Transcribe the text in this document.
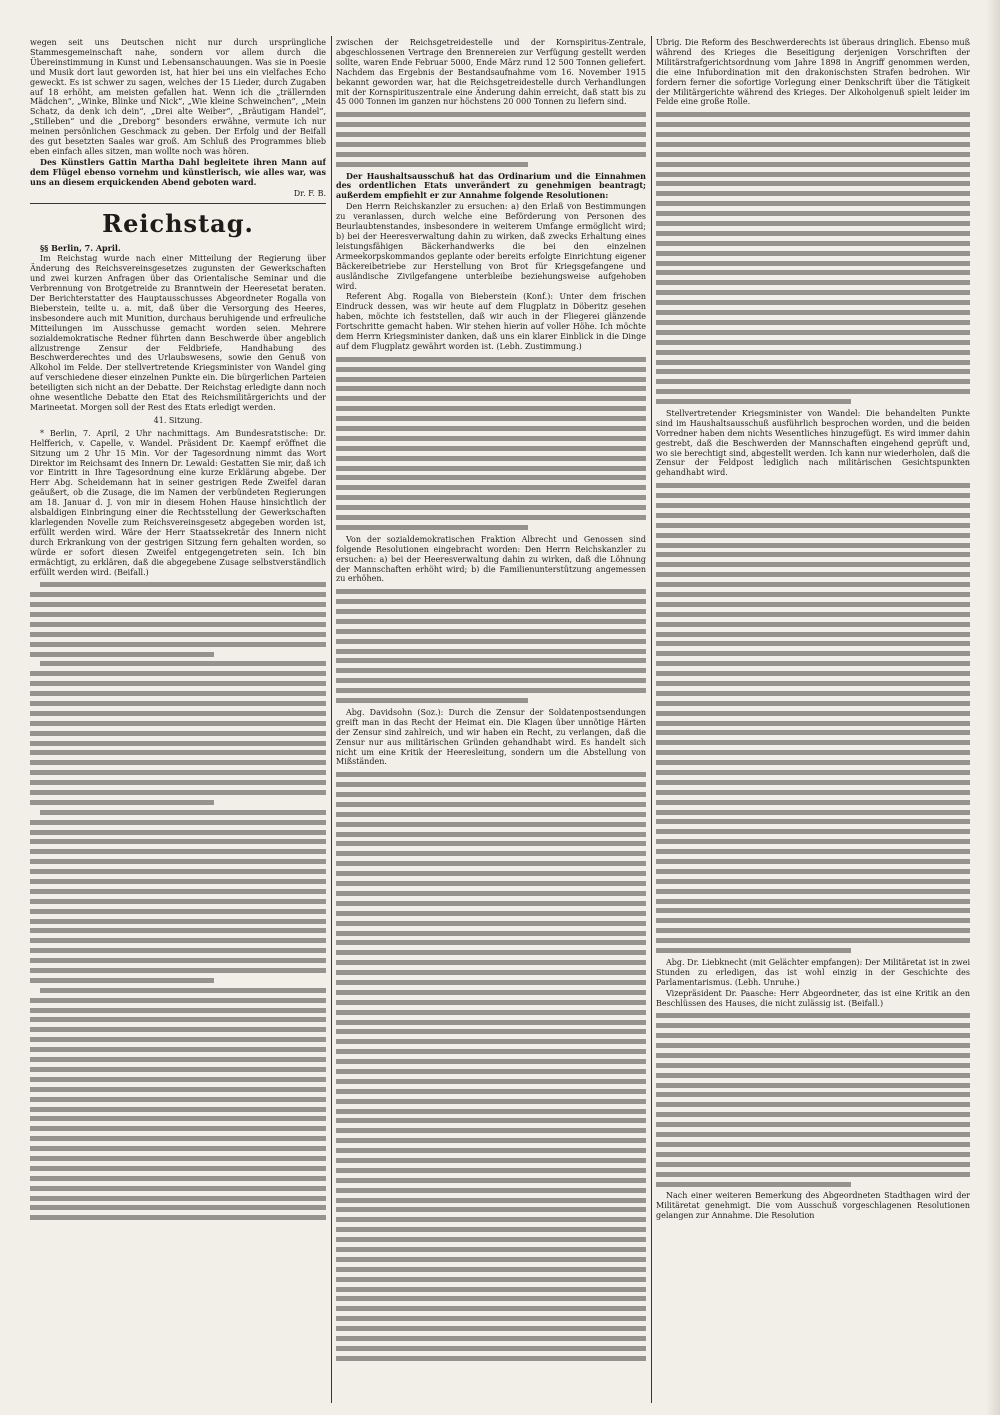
wegen seit uns Deutschen nicht nur durch ursprüngliche Stammesgemeinschaft nahe, sondern vor allem durch die Übereinstimmung in Kunst und Lebensanschauungen. Was sie in Poesie und Musik dort laut geworden ist, hat hier bei uns ein vielfaches Echo geweckt. Es ist schwer zu sagen, welches der 15 Lieder, durch Zugaben auf 18 erhöht, am meisten gefallen hat. Wenn ich die „trällernden Mädchen“, „Winke, Blinke und Nick“, „Wie kleine Schweinchen“, „Mein Schatz, da denk ich dein“, „Drei alte Weiber“, „Bräutigam Handel“, „Stilleben“ und die „Dreborg“ besonders erwähne, vermute ich nur meinen persönlichen Geschmack zu geben. Der Erfolg und der Beifall des gut besetzten Saales war groß. Am Schluß des Programmes blieb eben einfach alles sitzen, man wollte noch was hören.

Des Künstlers Gattin Martha Dahl begleitete ihren Mann auf dem Flügel ebenso vornehm und künstlerisch, wie alles war, was uns an diesem erquickenden Abend geboten ward.

Dr. F. B.
Reichstag.

§§ Berlin, 7. April.

Im Reichstag wurde nach einer Mitteilung der Regierung über Änderung des Reichsvereinsgesetzes zugunsten der Gewerkschaften und zwei kurzen Anfragen über das Orientalische Seminar und die Verbrennung von Brotgetreide zu Branntwein der Heeresetat beraten. Der Berichterstatter des Hauptausschusses Abgeordneter Rogalla von Bieberstein, teilte u. a. mit, daß über die Versorgung des Heeres, insbesondere auch mit Munition, durchaus beruhigende und erfreuliche Mitteilungen im Ausschusse gemacht worden seien. Mehrere sozialdemokratische Redner führten dann Beschwerde über angeblich allzustrenge Zensur der Feldbriefe, Handhabung des Beschwerderechtes und des Urlaubswesens, sowie den Genuß von Alkohol im Felde. Der stellvertretende Kriegsminister von Wandel ging auf verschiedene dieser einzelnen Punkte ein. Die bürgerlichen Parteien beteiligten sich nicht an der Debatte. Der Reichstag erledigte dann noch ohne wesentliche Debatte den Etat des Reichsmilitärgerichts und der Marineetat. Morgen soll der Rest des Etats erledigt werden.

41. Sitzung.

* Berlin, 7. April, 2 Uhr nachmittags. Am Bundesratstische: Dr. Helfferich, v. Capelle, v. Wandel. Präsident Dr. Kaempf eröffnet die Sitzung um 2 Uhr 15 Min. Vor der Tagesordnung nimmt das Wort Direktor im Reichsamt des Innern Dr. Lewald: Gestatten Sie mir, daß ich vor Eintritt in Ihre Tagesordnung eine kurze Erklärung abgebe. Der Herr Abg. Scheidemann hat in seiner gestrigen Rede Zweifel daran geäußert, ob die Zusage, die im Namen der verbündeten Regierungen am 18. Januar d. J. von mir in diesem Hohen Hause hinsichtlich der alsbaldigen Einbringung einer die Rechtsstellung der Gewerkschaften klarlegenden Novelle zum Reichsvereinsgesetz abgegeben worden ist, erfüllt werden wird. Wäre der Herr Staatssekretär des Innern nicht durch Erkrankung von der gestrigen Sitzung fern gehalten worden, so würde er sofort diesen Zweifel entgegengetreten sein. Ich bin ermächtigt, zu erklären, daß die abgegebene Zusage selbstverständlich erfüllt werden wird. (Beifall.)

zwischen der Reichsgetreidestelle und der Kornspiritus-Zentrale, abgeschlossenen Vertrage den Brennereien zur Verfügung gestellt werden sollte, waren Ende Februar 5000, Ende März rund 12 500 Tonnen geliefert. Nachdem das Ergebnis der Bestandsaufnahme vom 16. November 1915 bekannt geworden war, hat die Reichsgetreidestelle durch Verhandlungen mit der Kornspirituszentrale eine Änderung dahin erreicht, daß statt bis zu 45 000 Tonnen im ganzen nur höchstens 20 000 Tonnen zu liefern sind.

Der Haushaltsausschuß hat das Ordinarium und die Einnahmen des ordentlichen Etats unverändert zu genehmigen beantragt; außerdem empfiehlt er zur Annahme folgende Resolutionen:

Den Herrn Reichskanzler zu ersuchen: a) den Erlaß von Bestimmungen zu veranlassen, durch welche eine Beförderung von Personen des Beurlaubtenstandes, insbesondere in weiterem Umfange ermöglicht wird; b) bei der Heeresverwaltung dahin zu wirken, daß zwecks Erhaltung eines leistungsfähigen Bäckerhandwerks die bei den einzelnen Armeekorpskommandos geplante oder bereits erfolgte Einrichtung eigener Bäckereibetriebe zur Herstellung von Brot für Kriegsgefangene und ausländische Zivilgefangene unterbleibe beziehungsweise aufgehoben wird.

Referent Abg. Rogalla von Bieberstein (Konf.): Unter dem frischen Eindruck dessen, was wir heute auf dem Flugplatz in Döberitz gesehen haben, möchte ich feststellen, daß wir auch in der Fliegerei glänzende Fortschritte gemacht haben. Wir stehen hierin auf voller Höhe. Ich möchte dem Herrn Kriegsminister danken, daß uns ein klarer Einblick in die Dinge auf dem Flugplatz gewährt worden ist. (Lebh. Zustimmung.)

Von der sozialdemokratischen Fraktion Albrecht und Genossen sind folgende Resolutionen eingebracht worden: Den Herrn Reichskanzler zu ersuchen: a) bei der Heeresverwaltung dahin zu wirken, daß die Löhnung der Mannschaften erhöht wird; b) die Familienunterstützung angemessen zu erhöhen.

Abg. Davidsohn (Soz.): Durch die Zensur der Soldatenpostsendungen greift man in das Recht der Heimat ein. Die Klagen über unnötige Härten der Zensur sind zahlreich, und wir haben ein Recht, zu verlangen, daß die Zensur nur aus militärischen Gründen gehandhabt wird. Es handelt sich nicht um eine Kritik der Heeresleitung, sondern um die Abstellung von Mißständen.

Übrig. Die Reform des Beschwerderechts ist überaus dringlich. Ebenso muß während des Krieges die Beseitigung derjenigen Vorschriften der Militärstrafgerichtsordnung vom Jahre 1898 in Angriff genommen werden, die eine Infubordination mit den drakonischsten Strafen bedrohen. Wir fordern ferner die sofortige Vorlegung einer Denkschrift über die Tätigkeit der Militärgerichte während des Krieges. Der Alkoholgenuß spielt leider im Felde eine große Rolle.

Stellvertretender Kriegsminister von Wandel: Die behandelten Punkte sind im Haushaltsausschuß ausführlich besprochen worden, und die beiden Vorredner haben dem nichts Wesentliches hinzugefügt. Es wird immer dahin gestrebt, daß die Beschwerden der Mannschaften eingehend geprüft und, wo sie berechtigt sind, abgestellt werden. Ich kann nur wiederholen, daß die Zensur der Feldpost lediglich nach militärischen Gesichtspunkten gehandhabt wird.

Abg. Dr. Liebknecht (mit Gelächter empfangen): Der Militäretat ist in zwei Stunden zu erledigen, das ist wohl einzig in der Geschichte des Parlamentarismus. (Lebh. Unruhe.)

Vizepräsident Dr. Paasche: Herr Abgeordneter, das ist eine Kritik an den Beschlüssen des Hauses, die nicht zulässig ist. (Beifall.)

Nach einer weiteren Bemerkung des Abgeordneten Stadthagen wird der Militäretat genehmigt. Die vom Ausschuß vorgeschlagenen Resolutionen gelangen zur Annahme. Die Resolution
